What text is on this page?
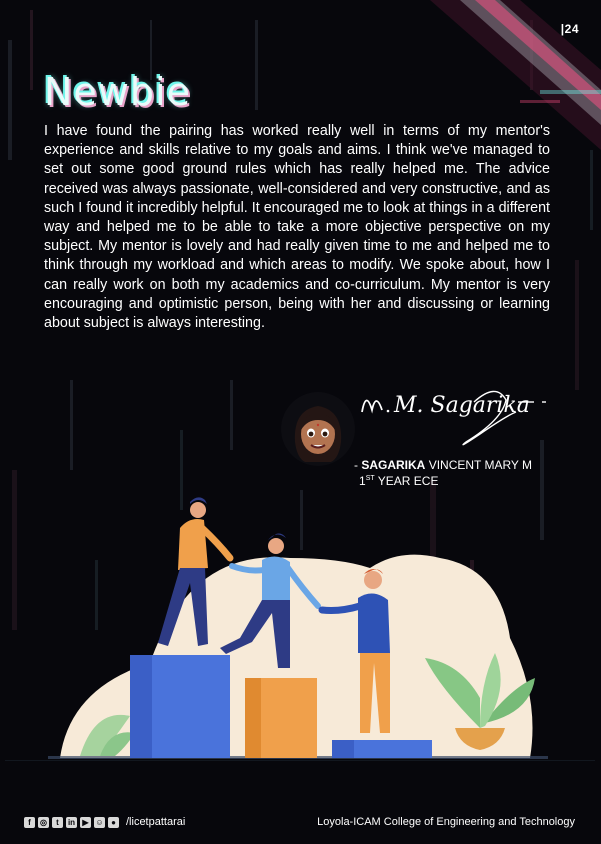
|24
Newbie

I have found the pairing has worked really well in terms of my mentor's experience and skills relative to my goals and aims. I think we've managed to set out some good ground rules which has really helped me. The advice received was always passionate, well-considered and very constructive, and as such I found it incredibly helpful. It encouraged me to look at things in a different way and helped me to be able to take a more objective perspective on my subject. My mentor is lovely and had really given time to me and helped me to think through my workload and which areas to modify. We spoke about, how I can really work on both my academics and co-curriculum. My mentor is very encouraging and optimistic person, being with her and discussing or learning about subject is always interesting.

M. Sagarika
- SAGARIKA VINCENT MARY M
1ST YEAR ECE
f	◎	t	in ▶ ☺ ● /licetpattarai	Loyola-ICAM College of Engineering and Technology
